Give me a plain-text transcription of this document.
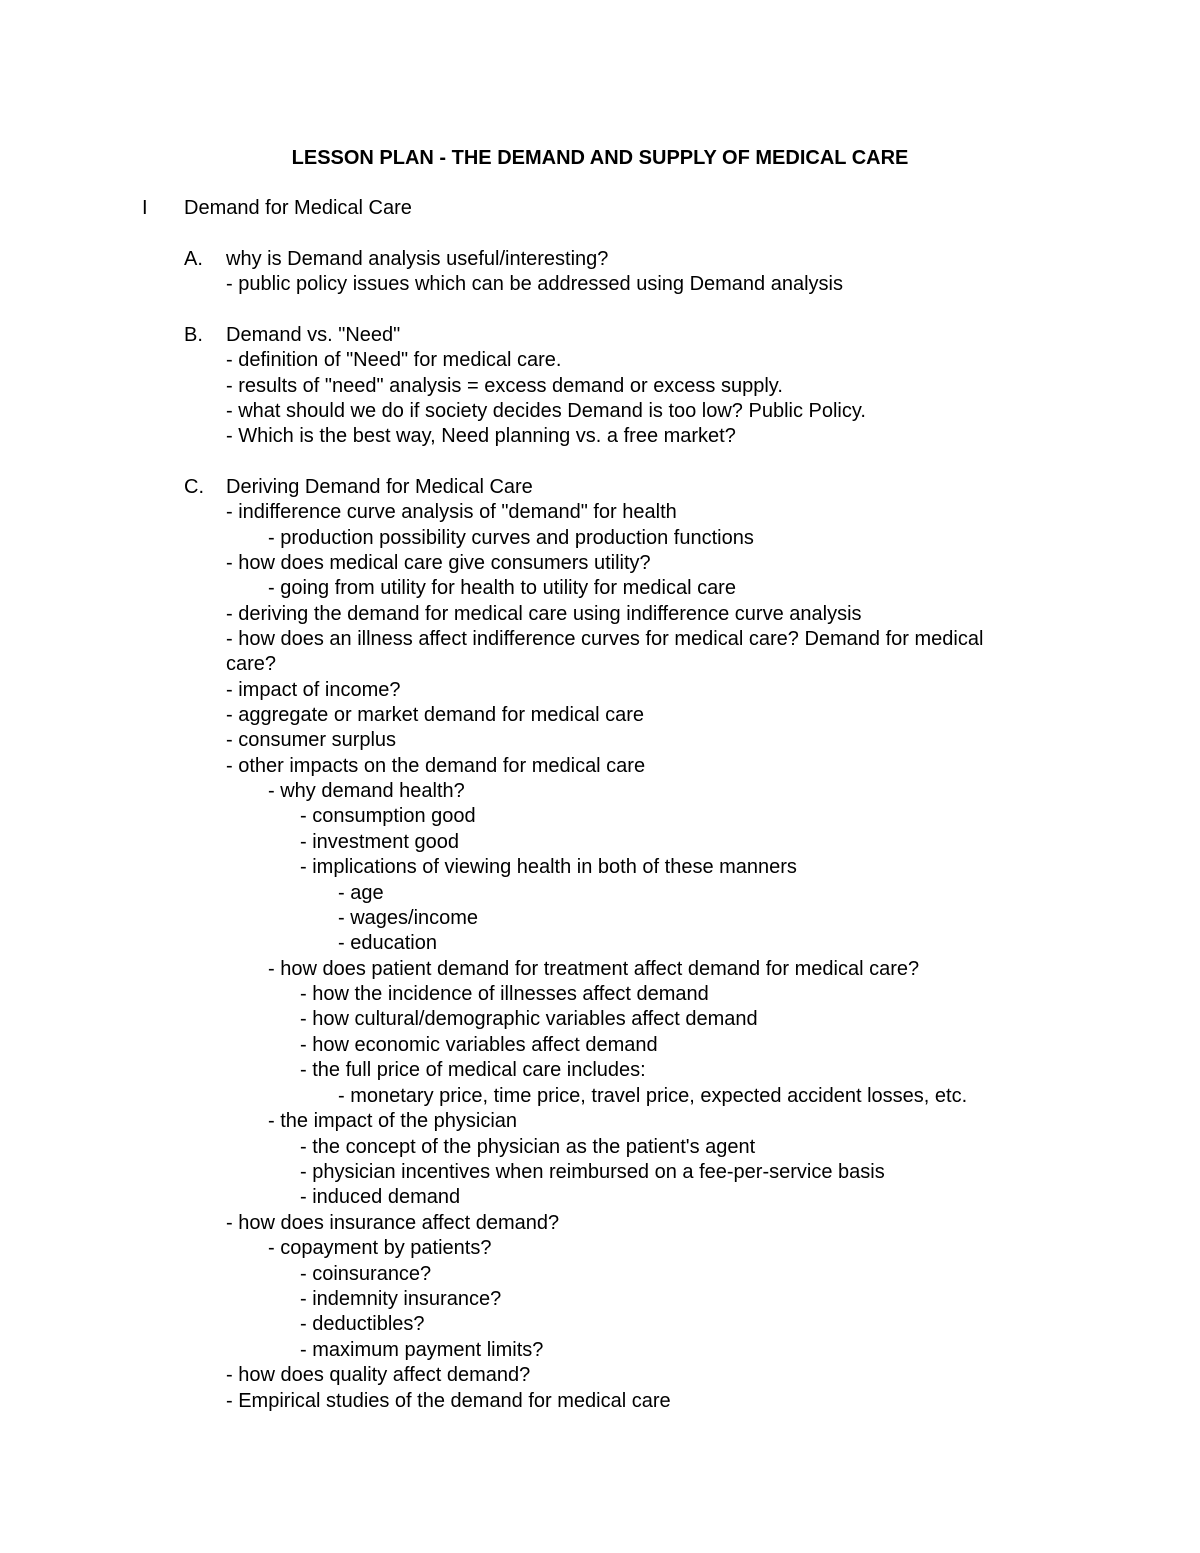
LESSON PLAN - THE DEMAND AND SUPPLY OF MEDICAL CARE
I Demand for Medical Care
A. why is Demand analysis useful/interesting?
- public policy issues which can be addressed using Demand analysis
B. Demand vs. "Need"
- definition of "Need" for medical care.
- results of "need" analysis = excess demand or excess supply.
- what should we do if society decides Demand is too low? Public Policy.
- Which is the best way, Need planning vs. a free market?
C. Deriving Demand for Medical Care
- indifference curve analysis of "demand" for health
- production possibility curves and production functions
- how does medical care give consumers utility?
- going from utility for health to utility for medical care
- deriving the demand for medical care using indifference curve analysis
- how does an illness affect indifference curves for medical care? Demand for medical
care?
- impact of income?
- aggregate or market demand for medical care
- consumer surplus
- other impacts on the demand for medical care
- why demand health?
- consumption good
- investment good
- implications of viewing health in both of these manners
- age
- wages/income
- education
- how does patient demand for treatment affect demand for medical care?
- how the incidence of illnesses affect demand
- how cultural/demographic variables affect demand
- how economic variables affect demand
- the full price of medical care includes:
- monetary price, time price, travel price, expected accident losses, etc.
- the impact of the physician
- the concept of the physician as the patient's agent
- physician incentives when reimbursed on a fee-per-service basis
- induced demand
- how does insurance affect demand?
- copayment by patients?
- coinsurance?
- indemnity insurance?
- deductibles?
- maximum payment limits?
- how does quality affect demand?
- Empirical studies of the demand for medical care
